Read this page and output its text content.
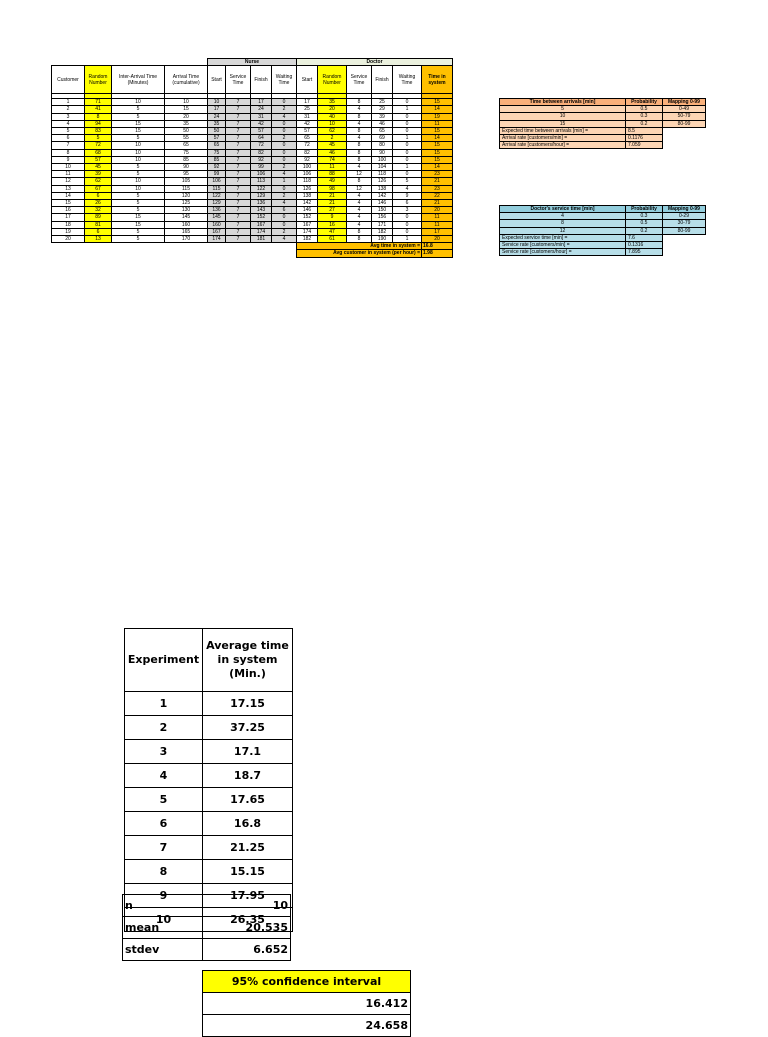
				Nurse				Doctor					
Customer	Random Number	Inter-Arrival Time (Minutes)	Arrival Time (cumulative)	Start	Service Time	Finish	Waiting Time	Start	Random Number	Service Time	Finish	Waiting Time	Time in system

1	71	10	10	10	7	17	0	17	35	8	25	0	15
2	41	5	15	17	7	24	2	25	20	4	29	1	14
3	8	5	20	24	7	31	4	31	40	8	39	0	19
4	94	15	35	35	7	42	0	42	10	4	46	0	11
5	83	15	50	50	7	57	0	57	62	8	65	0	15
6	5	5	55	57	7	64	2	65	2	4	69	1	14
7	72	10	65	65	7	72	0	72	45	8	80	0	15
8	68	10	75	75	7	82	0	82	46	8	90	0	15
9	57	10	85	85	7	92	0	92	74	8	100	0	15
10	45	5	90	92	7	99	2	100	11	4	104	1	14
11	39	5	95	99	7	106	4	106	88	12	118	0	23
12	62	10	105	106	7	113	1	118	49	8	126	5	21
13	67	10	115	115	7	122	0	126	98	12	138	4	23
14	6	5	120	122	7	129	2	138	21	4	142	9	22
15	26	5	125	129	7	136	4	142	21	4	146	6	21
16	32	5	130	136	7	143	6	146	27	4	150	3	20
17	89	15	145	145	7	152	0	152	9	4	156	0	11
18	81	15	160	160	7	167	0	167	16	4	171	0	11
19	6	5	165	167	7	174	2	174	47	8	182	0	17
20	13	5	170	174	7	181	4	182	61	8	190	1	20
								Avg time in system =					16.8
								Avg customer in system (per hour) =					1.98
Time between arrivals [min]	Probability	Mapping 0-99
5	0.5	0-49
10	0.3	50-79
15	0.2	80-99
Expected time between arrivals [min] =	8.5	
Arrival rate [customers/min] =	0.1176	
Arrival rate [customers/hour] =	7.059	
Doctor's service time [min]	Probability	Mapping 0-99
4	0.3	0-29
8	0.5	30-79
12	0.2	80-99
Expected service time [min] =	7.6	
Service rate [customers/min] =	0.1316	
Service rate [customers/hour] =	7.895	
Experiment	Average time in system (Min.)
1	17.15
2	37.25
3	17.1
4	18.7
5	17.65
6	16.8
7	21.25
8	15.15
9	17.95
10	26.35
n	10
mean	20.535
stdev	6.652
95% confidence interval
16.412
24.658
